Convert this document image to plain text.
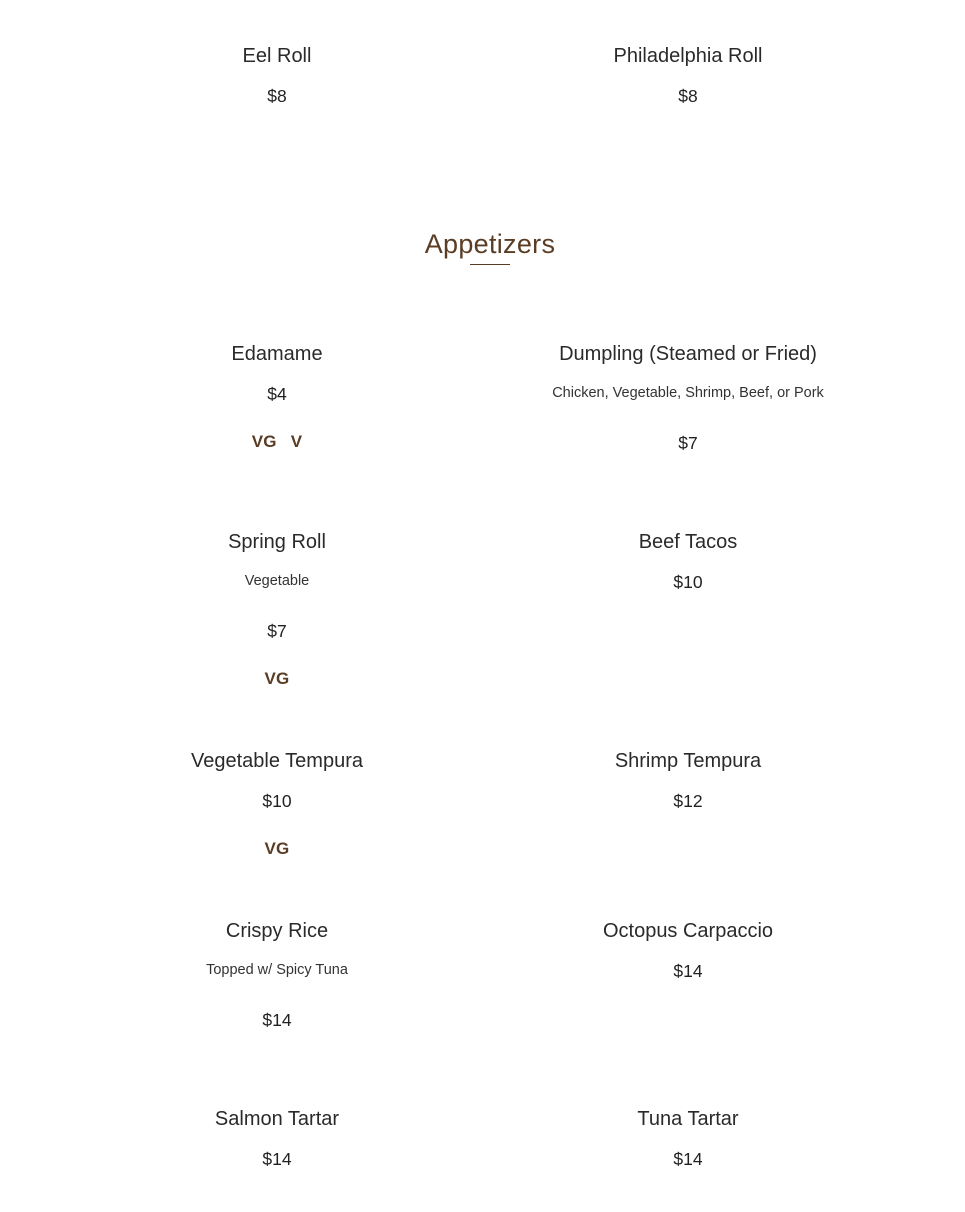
Eel Roll
$8
Philadelphia Roll
$8
Appetizers
Edamame
$4
VG V
Dumpling (Steamed or Fried)
Chicken, Vegetable, Shrimp, Beef, or Pork
$7
Spring Roll
Vegetable
$7
VG
Beef Tacos
$10
Vegetable Tempura
$10
VG
Shrimp Tempura
$12
Crispy Rice
Topped w/ Spicy Tuna
$14
Octopus Carpaccio
$14
Salmon Tartar
$14
Tuna Tartar
$14
